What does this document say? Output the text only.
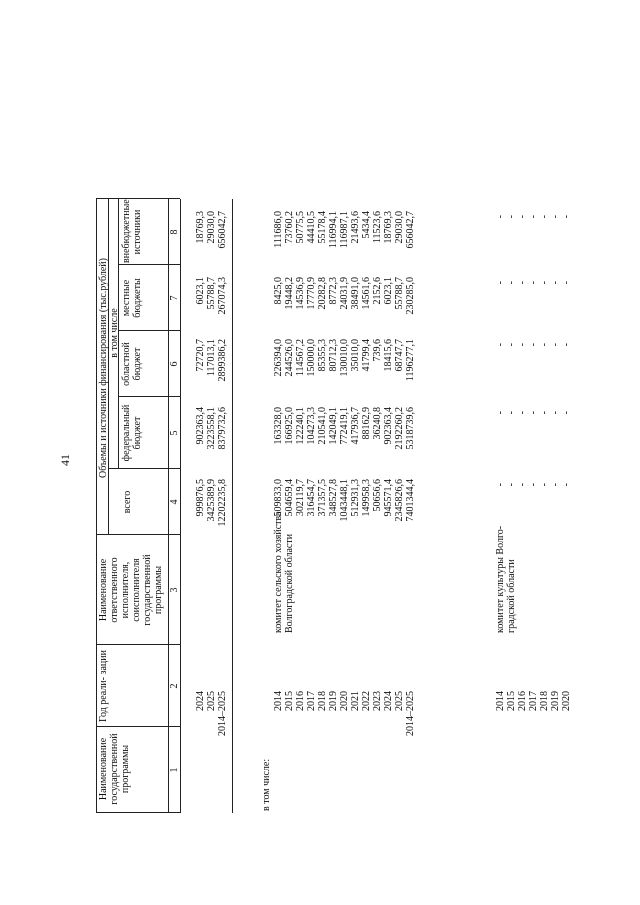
41
Наименование государственной программы
Год реали- зации
Наименование ответственного исполнителя, соисполнителя государственной программы
Объемы и источники финансирования (тыс.рублей)
всего
в том числе
федеральный бюджет
областной бюджет
местные бюджеты
внебюджетные источники
1
2
3
4
5
6
7
8
2024
999876,5
902363,4
72720,7
6023,1
18769,3
2025
3425389,9
3223558,1
117013,1
55788,7
29030,0
2014–2025
12202235,8
8379732,6
2899386,2
267074,3
656042,7
в том числе:
комитет сельского хозяйства Волгоградской области
2014
509833,0
163328,0
226394,0
8425,0
111686,0
2015
504659,4
166925,0
244526,0
19448,2
73760,2
2016
302119,7
122240,1
114567,2
14536,9
50775,5
2017
316454,7
104273,3
150000,0
17770,9
44410,5
2018
371357,5
210541,0
85355,3
20282,8
55178,4
2019
348527,8
142049,1
80712,3
8772,3
116994,1
2020
1043448,1
772419,1
130010,0
24031,9
116987,1
2021
512931,3
417936,7
35010,0
38491,0
21493,6
2022
149958,3
88162,9
41799,4
14561,6
5434,4
2023
50656,6
36240,8
739,6
2152,6
11523,6
2024
945571,4
902363,4
18415,6
6023,1
18769,3
2025
2345826,6
2192260,2
68747,7
55788,7
29030,0
2014–2025
7401344,4
5318739,6
1196277,1
230285,0
656042,7
комитет культуры Волго- градской области
2014
-
-
-
-
-
2015
-
-
-
-
-
2016
-
-
-
-
-
2017
-
-
-
-
-
2018
-
-
-
-
-
2019
-
-
-
-
-
2020
-
-
-
-
-
